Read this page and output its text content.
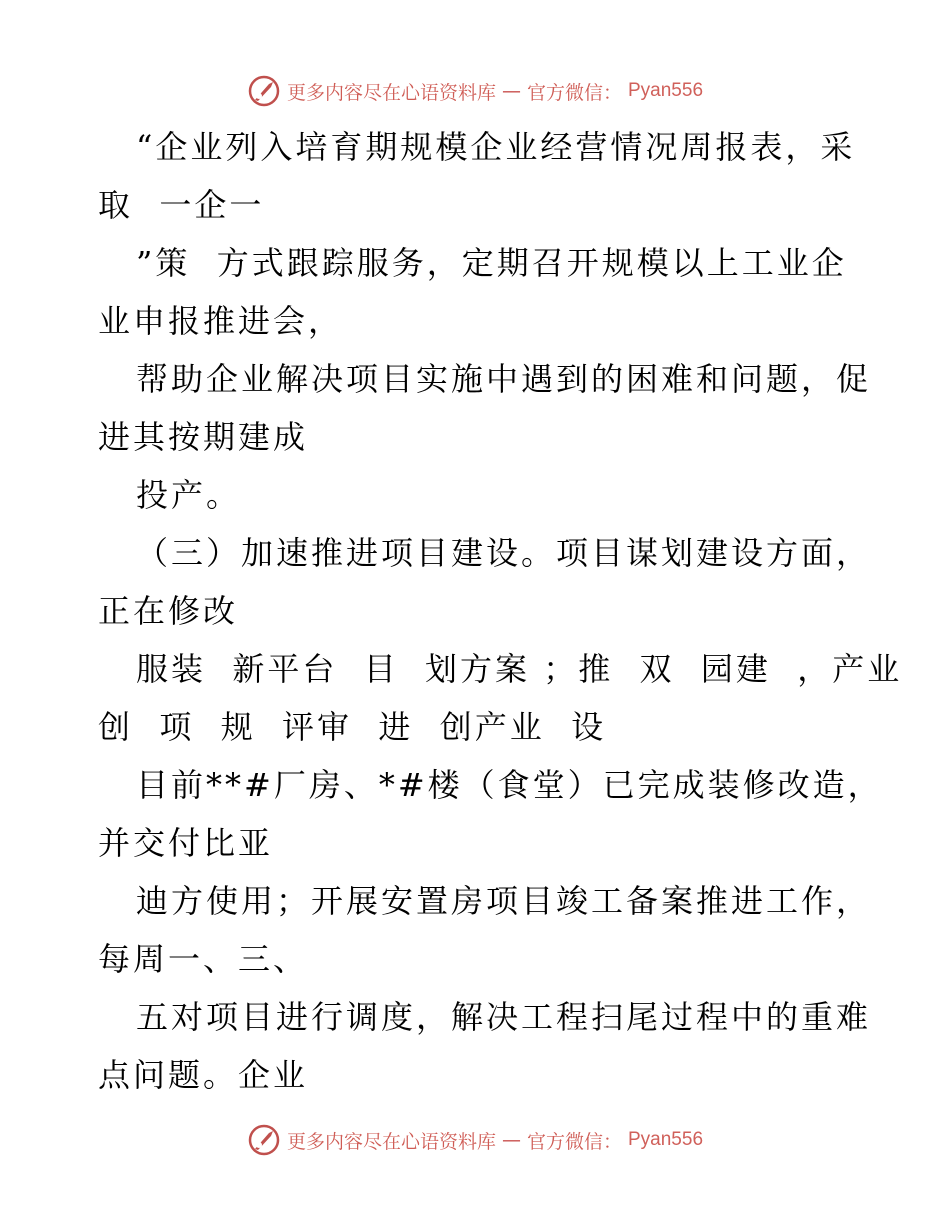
更多内容尽在心语资料库 — 官方微信： Pyan556
“企业列入培育期规模企业经营情况周报表，采
取  一企一
”策  方式跟踪服务，定期召开规模以上工业企
业申报推进会，
帮助企业解决项目实施中遇到的困难和问题，促
进其按期建成
投产。
（三）加速推进项目建设。项目谋划建设方面，
正在修改
服装  新平台  目  划方案 ；推  双  园建  ，产业
创  项  规  评审  进  创产业  设
目前**#厂房、*#楼（食堂）已完成装修改造，
并交付比亚
迪方使用；开展安置房项目竣工备案推进工作，
每周一、三、
五对项目进行调度，解决工程扫尾过程中的重难
点问题。企业
更多内容尽在心语资料库 — 官方微信： Pyan556
